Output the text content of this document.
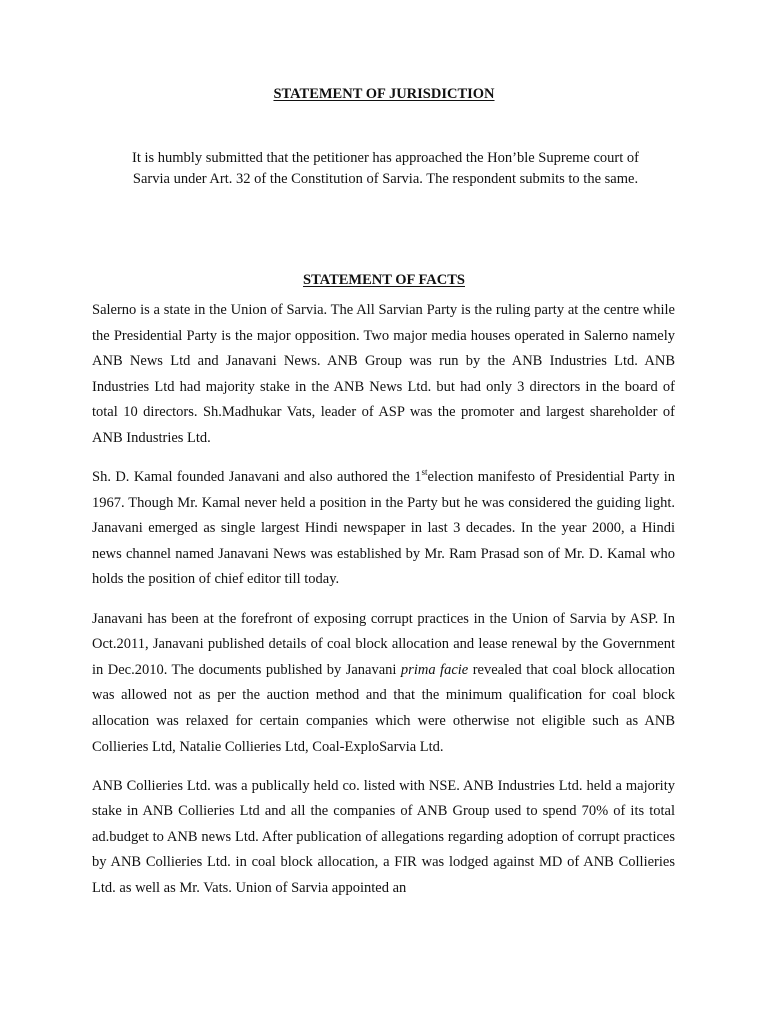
STATEMENT OF JURISDICTION

It is humbly submitted that the petitioner has approached the Hon’ble Supreme court of Sarvia under Art. 32 of the Constitution of Sarvia. The respondent submits to the same.

STATEMENT OF FACTS

Salerno is a state in the Union of Sarvia. The All Sarvian Party is the ruling party at the centre while the Presidential Party is the major opposition. Two major media houses operated in Salerno namely ANB News Ltd and Janavani News. ANB Group was run by the ANB Industries Ltd. ANB Industries Ltd had majority stake in the ANB News Ltd. but had only 3 directors in the board of total 10 directors. Sh.Madhukar Vats, leader of ASP was the promoter and largest shareholder of ANB Industries Ltd.

Sh. D. Kamal founded Janavani and also authored the 1stelection manifesto of Presidential Party in 1967. Though Mr. Kamal never held a position in the Party but he was considered the guiding light. Janavani emerged as single largest Hindi newspaper in last 3 decades. In the year 2000, a Hindi news channel named Janavani News was established by Mr. Ram Prasad son of Mr. D. Kamal who holds the position of chief editor till today.

Janavani has been at the forefront of exposing corrupt practices in the Union of Sarvia by ASP. In Oct.2011, Janavani published details of coal block allocation and lease renewal by the Government in Dec.2010. The documents published by Janavani prima facie revealed that coal block allocation was allowed not as per the auction method and that the minimum qualification for coal block allocation was relaxed for certain companies which were otherwise not eligible such as ANB Collieries Ltd, Natalie Collieries Ltd, Coal-ExploSarvia Ltd.

ANB Collieries Ltd. was a publically held co. listed with NSE. ANB Industries Ltd. held a majority stake in ANB Collieries Ltd and all the companies of ANB Group used to spend 70% of its total ad.budget to ANB news Ltd. After publication of allegations regarding adoption of corrupt practices by ANB Collieries Ltd. in coal block allocation, a FIR was lodged against MD of ANB Collieries Ltd. as well as Mr. Vats. Union of Sarvia appointed an
